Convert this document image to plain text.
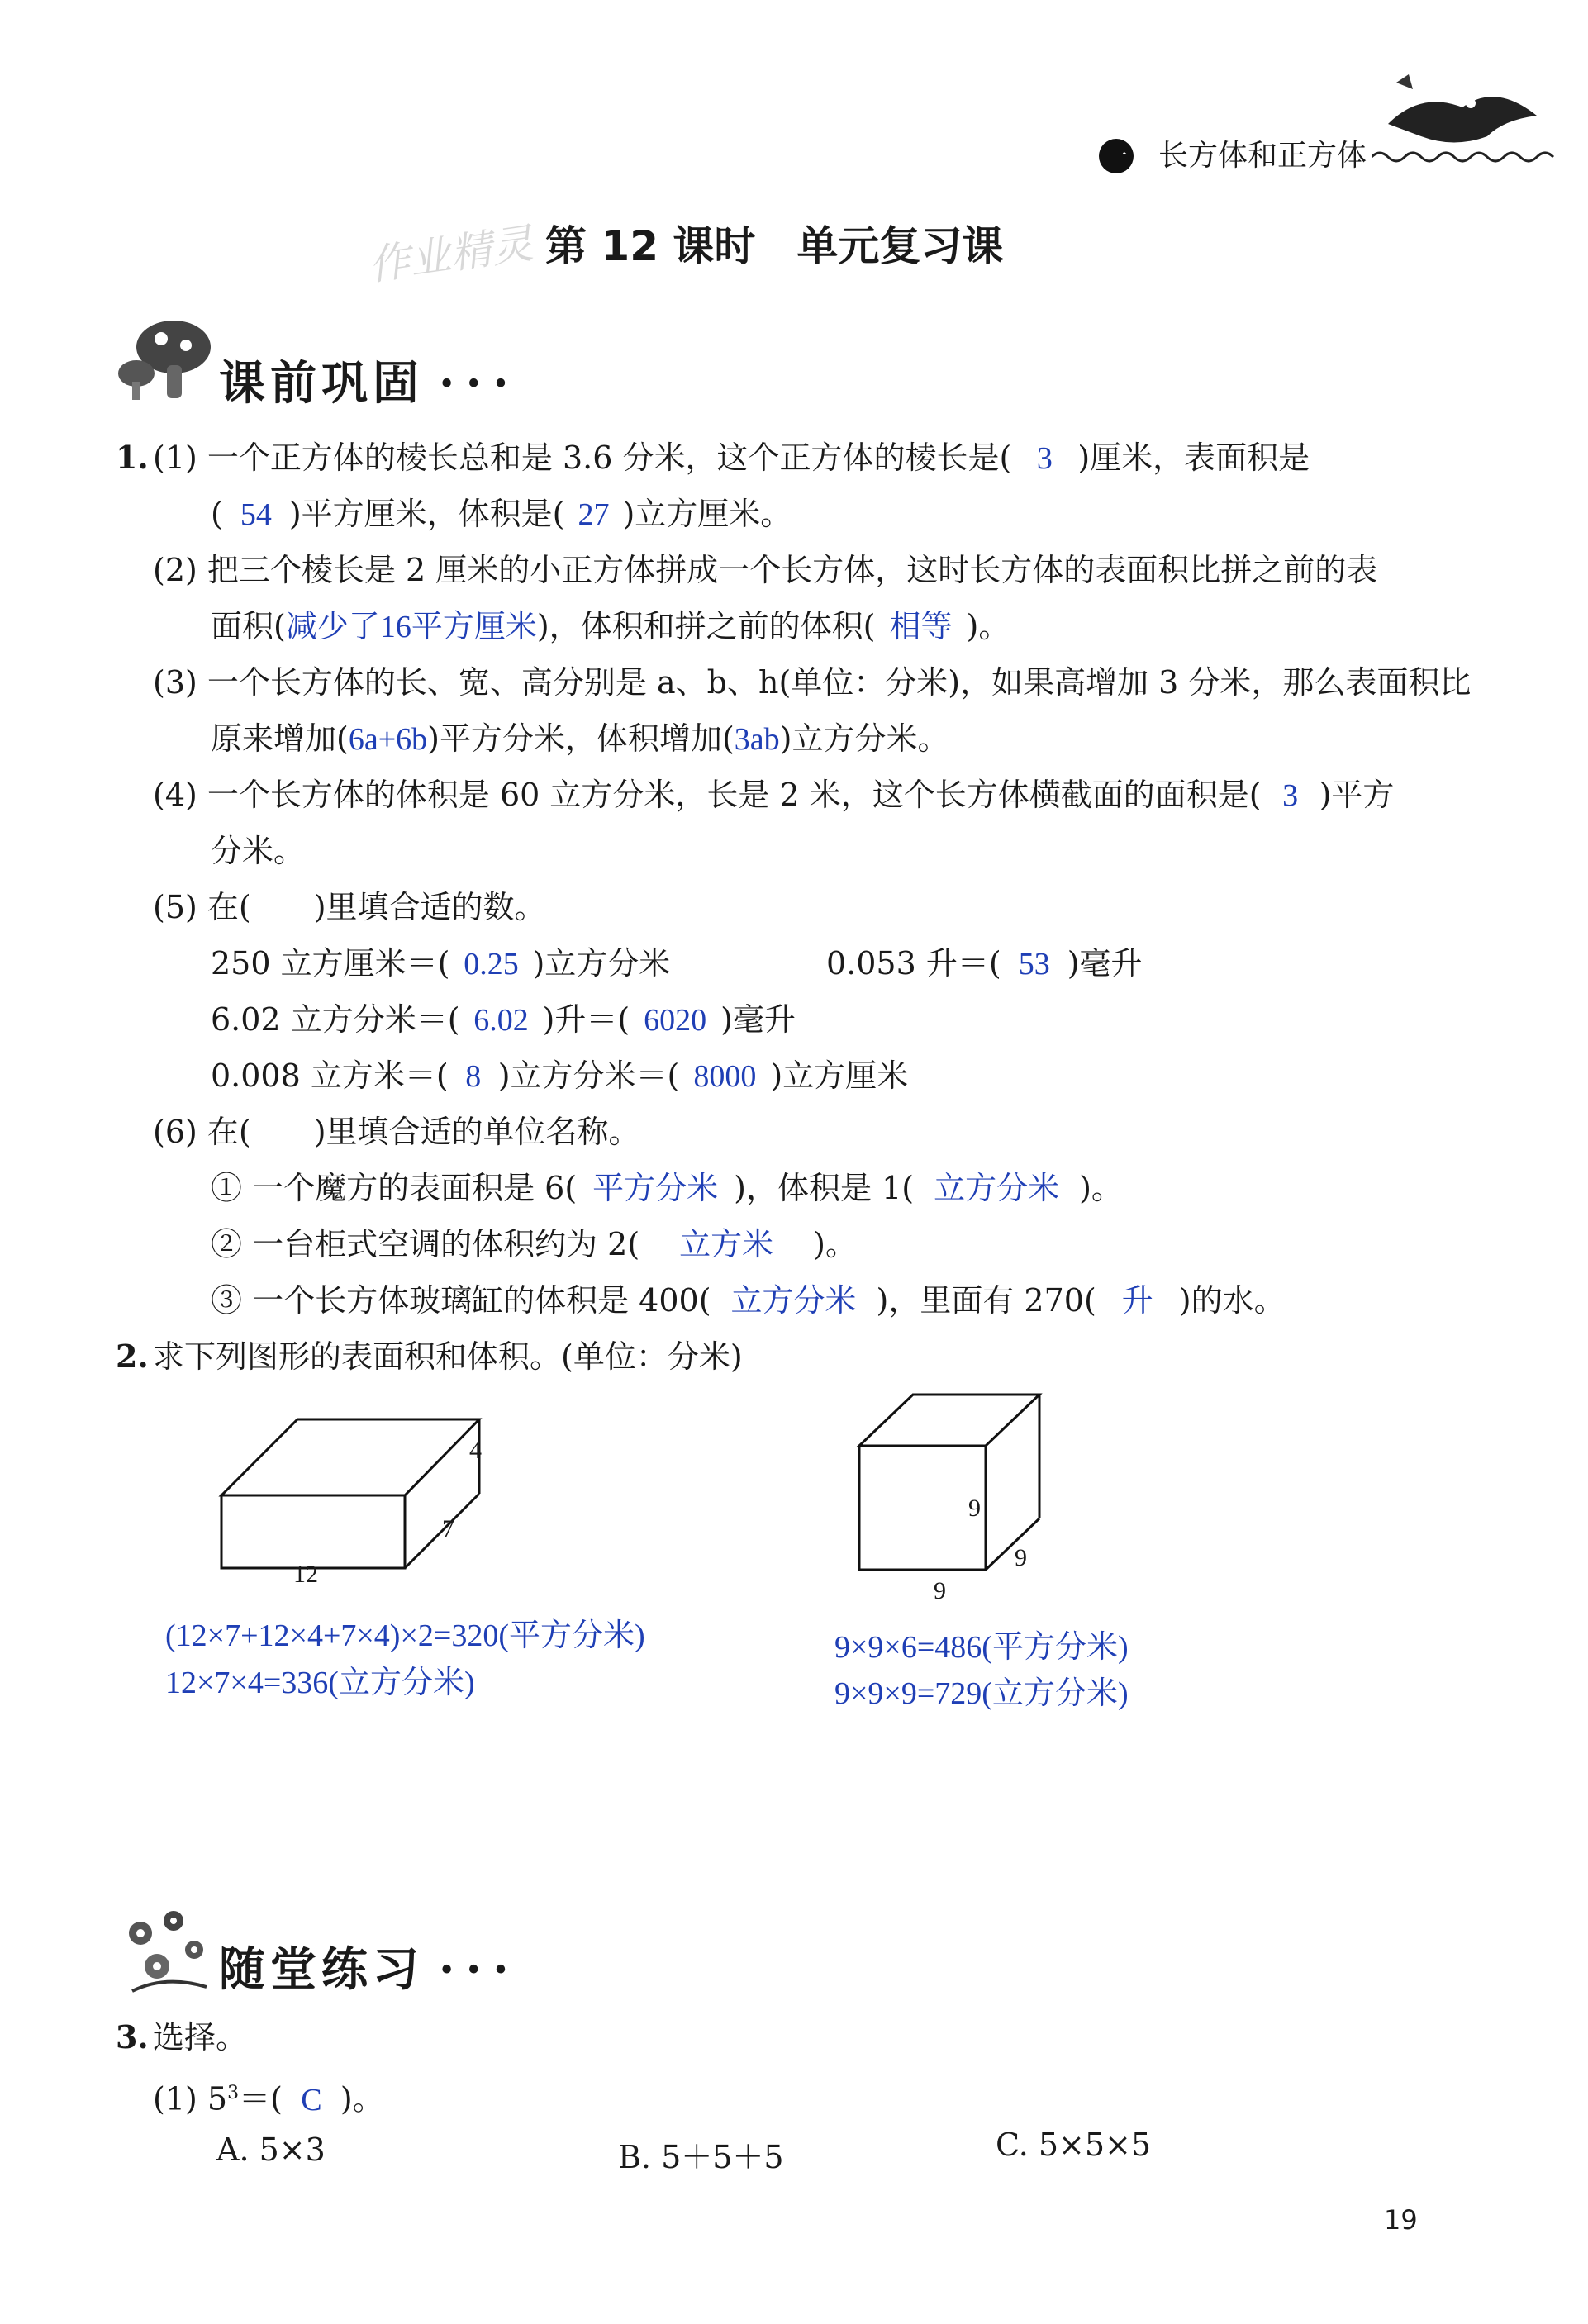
一 长方体和正方体
作业精灵 第 12 课时　单元复习课
课前巩固 • • •
1. (1) 一个正方体的棱长总和是 3.6 分米，这个正方体的棱长是( 3 )厘米，表面积是
( 54 )平方厘米，体积是( 27 )立方厘米。
(2) 把三个棱长是 2 厘米的小正方体拼成一个长方体，这时长方体的表面积比拼之前的表
面积(减少了16平方厘米)，体积和拼之前的体积( 相等 )。
(3) 一个长方体的长、宽、高分别是 a、b、h(单位：分米)，如果高增加 3 分米，那么表面积比
原来增加(6a+6b)平方分米，体积增加(3ab)立方分米。
(4) 一个长方体的体积是 60 立方分米，长是 2 米，这个长方体横截面的面积是( 3 )平方
分米。
(5) 在(　　)里填合适的数。
250 立方厘米＝( 0.25 )立方分米	0.053 升＝( 53 )毫升
6.02 立方分米＝( 6.02 )升＝( 6020 )毫升
0.008 立方米＝( 8 )立方分米＝( 8000 )立方厘米
(6) 在(　　)里填合适的单位名称。
① 一个魔方的表面积是 6( 平方分米 )，体积是 1( 立方分米 )。
② 一台柜式空调的体积约为 2( 立方米 )。
③ 一个长方体玻璃缸的体积是 400( 立方分米 )，里面有 270( 升 )的水。
2. 求下列图形的表面积和体积。(单位：分米)
4
7
12
(12×7+12×4+7×4)×2=320(平方分米)
12×7×4=336(立方分米)
9
9
9
9×9×6=486(平方分米)
9×9×9=729(立方分米)
随堂练习 • • •
3. 选择。
(1) $5^3=$( C )。
A. 5×3	B. 5＋5＋5	C. 5×5×5
19
